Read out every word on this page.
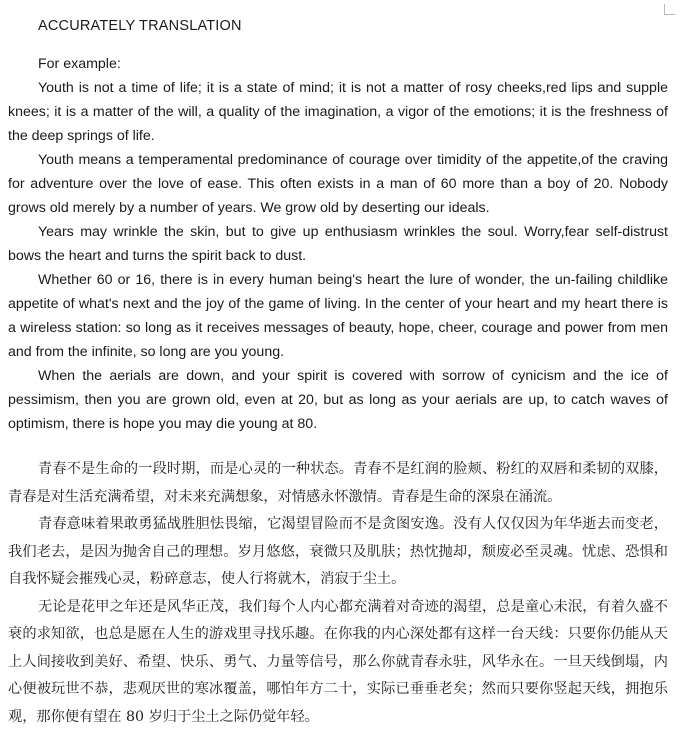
ACCURATELY TRANSLATION

For example:

Youth is not a time of life; it is a state of mind; it is not a matter of rosy cheeks,red lips and supple knees; it is a matter of the will, a quality of the imagination, a vigor of the emotions; it is the freshness of the deep springs of life.

Youth means a temperamental predominance of courage over timidity of the appetite,of the craving for adventure over the love of ease. This often exists in a man of 60 more than a boy of 20. Nobody grows old merely by a number of years. We grow old by deserting our ideals.

Years may wrinkle the skin, but to give up enthusiasm wrinkles the soul. Worry,fear self-distrust bows the heart and turns the spirit back to dust.

Whether 60 or 16, there is in every human being's heart the lure of wonder, the un-failing childlike appetite of what's next and the joy of the game of living. In the center of your heart and my heart there is a wireless station: so long as it receives messages of beauty, hope, cheer, courage and power from men and from the infinite, so long are you young.

When the aerials are down, and your spirit is covered with sorrow of cynicism and the ice of pessimism, then you are grown old, even at 20, but as long as your aerials are up, to catch waves of optimism, there is hope you may die young at 80.

青春不是生命的一段时期，而是心灵的一种状态。青春不是红润的脸颊、粉红的双唇和柔韧的双膝，青春是对生活充满希望，对未来充满想象，对情感永怀激情。青春是生命的深泉在涌流。

青春意味着果敢勇猛战胜胆怯畏缩，它渴望冒险而不是贪图安逸。没有人仅仅因为年华逝去而变老，我们老去，是因为抛舍自己的理想。岁月悠悠，衰微只及肌肤；热忱抛却，颓废必至灵魂。忧虑、恐惧和自我怀疑会摧残心灵，粉碎意志，使人行将就木，消寂于尘土。

无论是花甲之年还是风华正茂，我们每个人内心都充满着对奇迹的渴望，总是童心未泯，有着久盛不衰的求知欲，也总是愿在人生的游戏里寻找乐趣。在你我的内心深处都有这样一台天线：只要你仍能从天上人间接收到美好、希望、快乐、勇气、力量等信号，那么你就青春永驻，风华永在。一旦天线倒塌，内心便被玩世不恭，悲观厌世的寒冰覆盖，哪怕年方二十，实际已垂垂老矣；然而只要你竖起天线，拥抱乐观，那你便有望在 80 岁归于尘土之际仍觉年轻。
